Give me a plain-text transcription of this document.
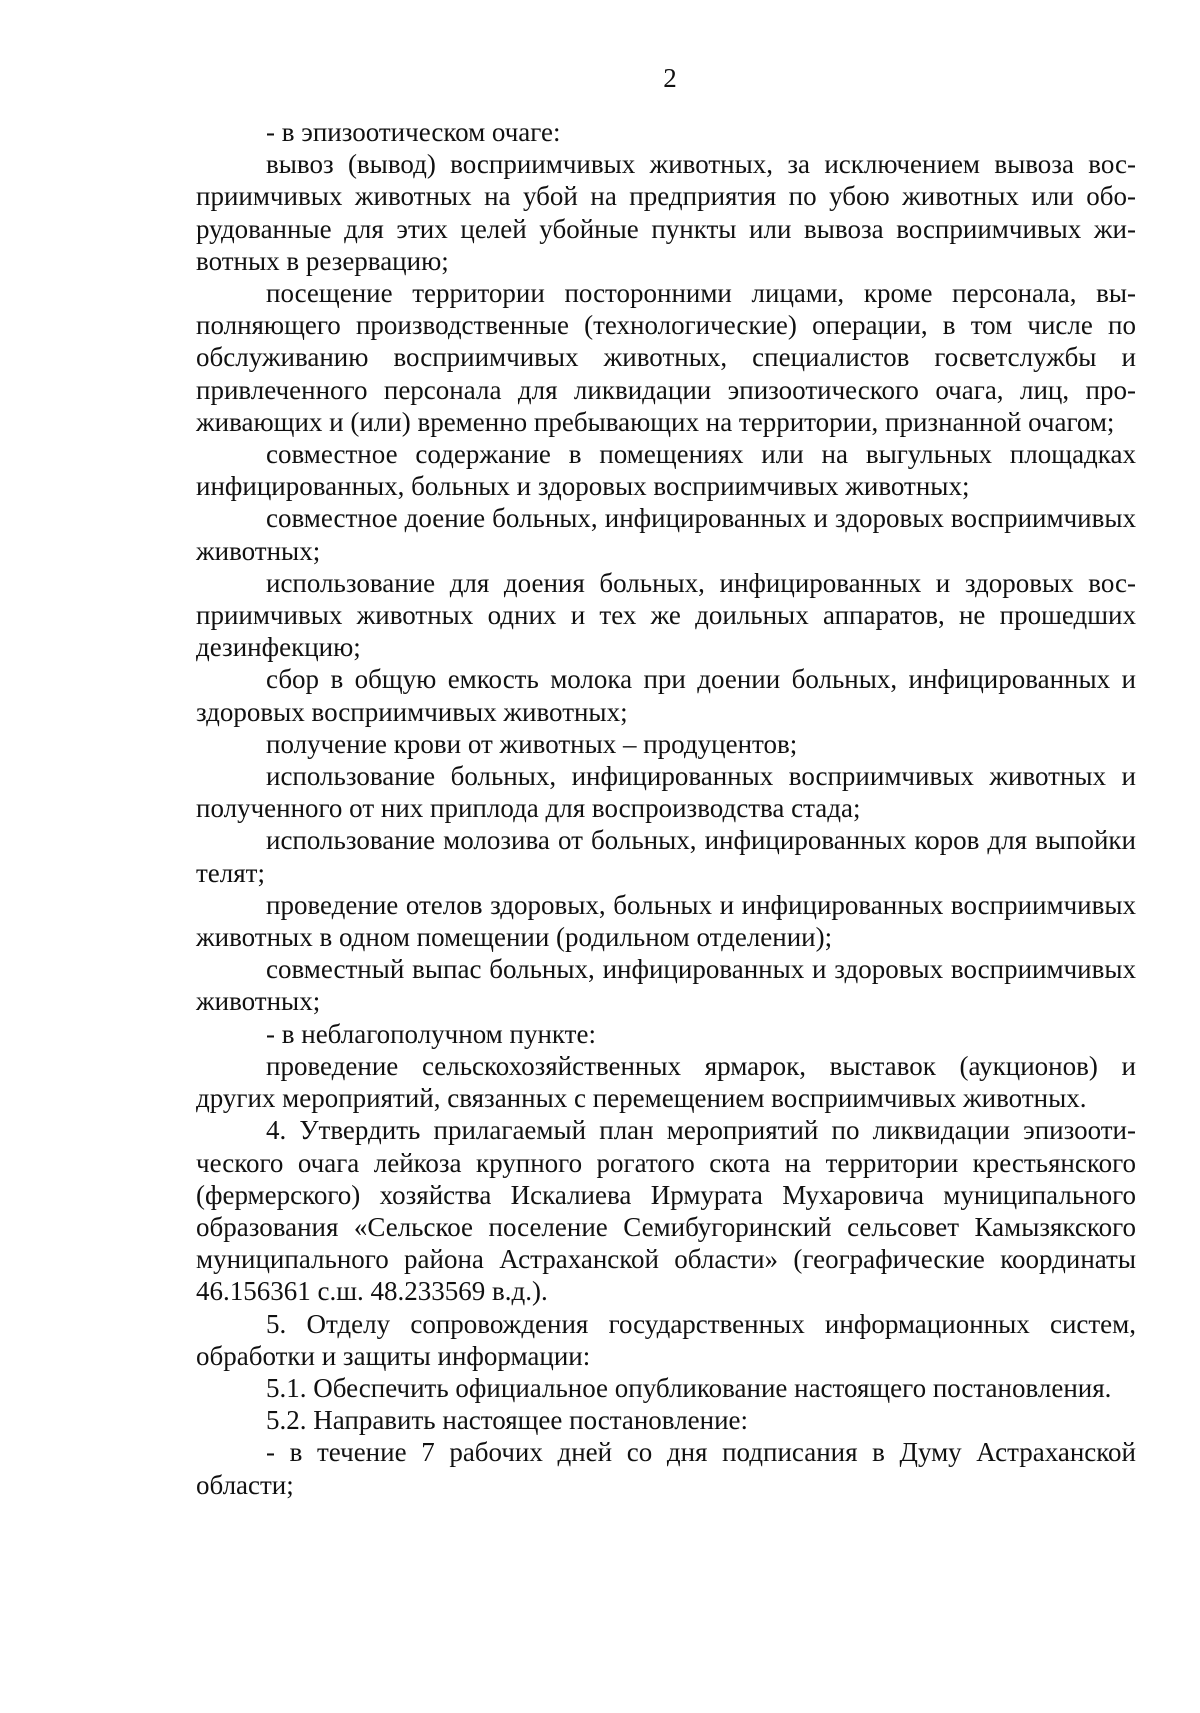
2

- в эпизоотическом очаге:

вывоз (вывод) восприимчивых животных, за исключением вывоза восприимчивых животных на убой на предприятия по убою животных или оборудованные для этих целей убойные пункты или вывоза восприимчивых животных в резервацию;

посещение территории посторонними лицами, кроме персонала, выполняющего производственные (технологические) операции, в том числе по обслуживанию восприимчивых животных, специалистов госветслужбы и привлеченного персонала для ликвидации эпизоотического очага, лиц, проживающих и (или) временно пребывающих на территории, признанной очагом;

совместное содержание в помещениях или на выгульных площадках инфицированных, больных и здоровых восприимчивых животных;

совместное доение больных, инфицированных и здоровых восприимчивых животных;

использование для доения больных, инфицированных и здоровых восприимчивых животных одних и тех же доильных аппаратов, не прошедших дезинфекцию;

сбор в общую емкость молока при доении больных, инфицированных и здоровых восприимчивых животных;

получение крови от животных – продуцентов;

использование больных, инфицированных восприимчивых животных и полученного от них приплода для воспроизводства стада;

использование молозива от больных, инфицированных коров для выпойки телят;

проведение отелов здоровых, больных и инфицированных восприимчивых животных в одном помещении (родильном отделении);

совместный выпас больных, инфицированных и здоровых восприимчивых животных;

- в неблагополучном пункте:

проведение сельскохозяйственных ярмарок, выставок (аукционов) и других мероприятий, связанных с перемещением восприимчивых животных.

4. Утвердить прилагаемый план мероприятий по ликвидации эпизоотического очага лейкоза крупного рогатого скота на территории крестьянского (фермерского) хозяйства Искалиева Ирмурата Мухаровича муниципального образования «Сельское поселение Семибугоринский сельсовет Камызякского муниципального района Астраханской области» (географические координаты 46.156361 с.ш. 48.233569 в.д.).

5. Отделу сопровождения государственных информационных систем, обработки и защиты информации:

5.1. Обеспечить официальное опубликование настоящего постановления.

5.2. Направить настоящее постановление:

- в течение 7 рабочих дней со дня подписания в Думу Астраханской области;
